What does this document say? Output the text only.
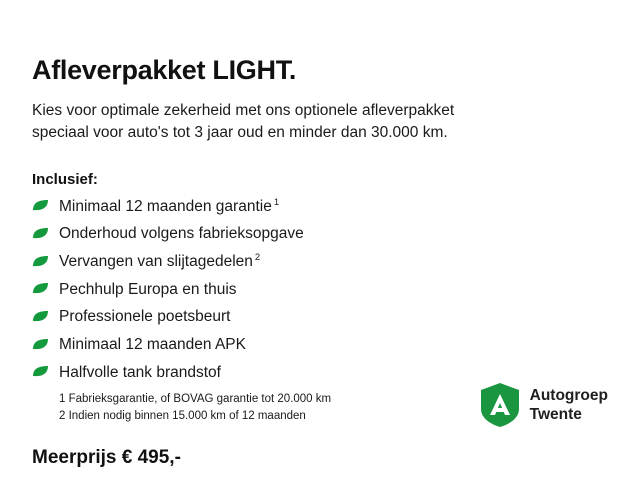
Afleverpakket LIGHT.

Kies voor optimale zekerheid met ons optionele afleverpakket
speciaal voor auto's tot 3 jaar oud en minder dan 30.000 km.

Inclusief:
Minimaal 12 maanden garantie $^1$
Onderhoud volgens fabrieksopgave
Vervangen van slijtagedelen $^2$
Pechhulp Europa en thuis
Professionele poetsbeurt
Minimaal 12 maanden APK
Halfvolle tank brandstof
1 Fabrieksgarantie, of BOVAG garantie tot 20.000 km
2 Indien nodig binnen 15.000 km of 12 maanden
Meerprijs € 495,-
Autogroep
Twente
